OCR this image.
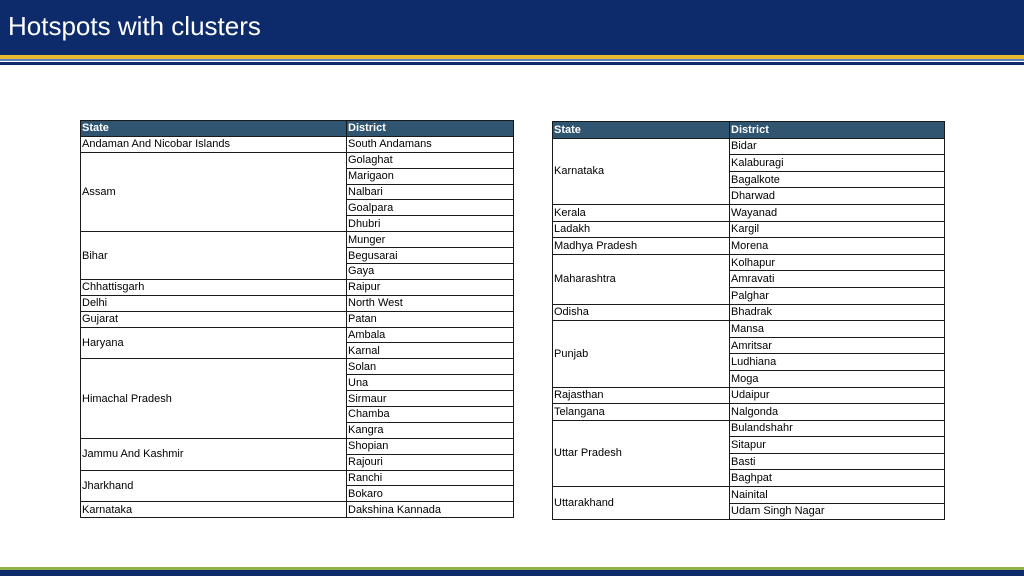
Hotspots with clusters
State	District
Andaman And Nicobar Islands	South Andamans
Assam	Golaghat
	Marigaon
	Nalbari
	Goalpara
	Dhubri
Bihar	Munger
	Begusarai
	Gaya
Chhattisgarh	Raipur
Delhi	North West
Gujarat	Patan
Haryana	Ambala
	Karnal
Himachal Pradesh	Solan
	Una
	Sirmaur
	Chamba
	Kangra
Jammu And Kashmir	Shopian
	Rajouri
Jharkhand	Ranchi
	Bokaro
Karnataka	Dakshina Kannada
State	District
Karnataka	Bidar
	Kalaburagi
	Bagalkote
	Dharwad
Kerala	Wayanad
Ladakh	Kargil
Madhya Pradesh	Morena
Maharashtra	Kolhapur
	Amravati
	Palghar
Odisha	Bhadrak
Punjab	Mansa
	Amritsar
	Ludhiana
	Moga
Rajasthan	Udaipur
Telangana	Nalgonda
Uttar Pradesh	Bulandshahr
	Sitapur
	Basti
	Baghpat
Uttarakhand	Nainital
	Udam Singh Nagar
